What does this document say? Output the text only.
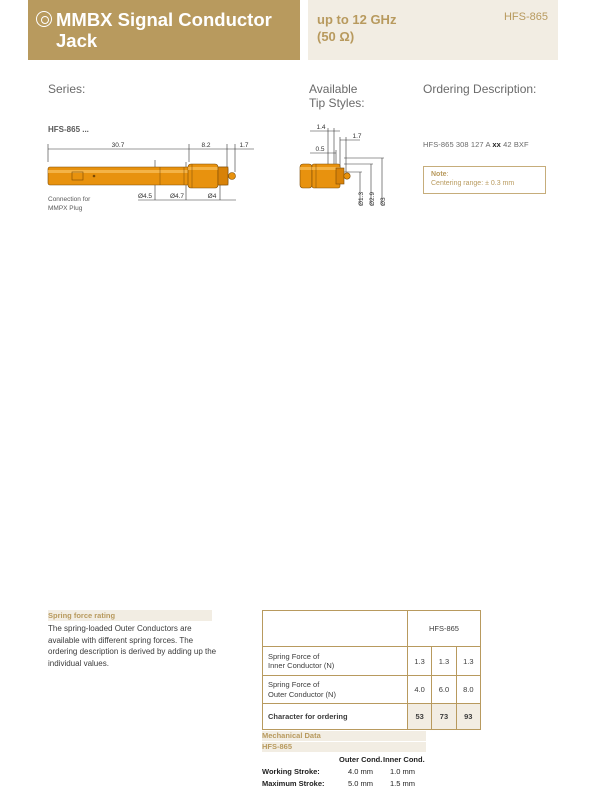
MMBX Signal Conductor Jack
up to 12 GHz
(50 Ω)
HFS-865
Series:	Available
Tip Styles:
Ordering Description:
HFS-865 ...
30.7	8.2	1.7
Ø4.5	Ø4.7	Ø4
Connection for
MMPX Plug
1.4
1.7
0.5
Ø1.3 Ø2.9 Ø3
HFS-865 308 127 A xx 42 BXF
Note:
Centering range: ± 0.3 mm
Spring force rating
The spring-loaded Outer Conductors are available with different spring forces. The ordering description is derived by adding up the individual values.
	HFS-865		

Spring Force of
Inner Conductor (N)	1.3	1.3	1.3

Spring Force of
Outer Conductor (N)	4.0	6.0	8.0
Character for ordering	53	73	93
Mechanical Data
HFS-865
Outer Cond. Inner Cond.
Working Stroke:	4.0 mm 1.0 mm
Maximum Stroke:	5.0 mm 1.5 mm
